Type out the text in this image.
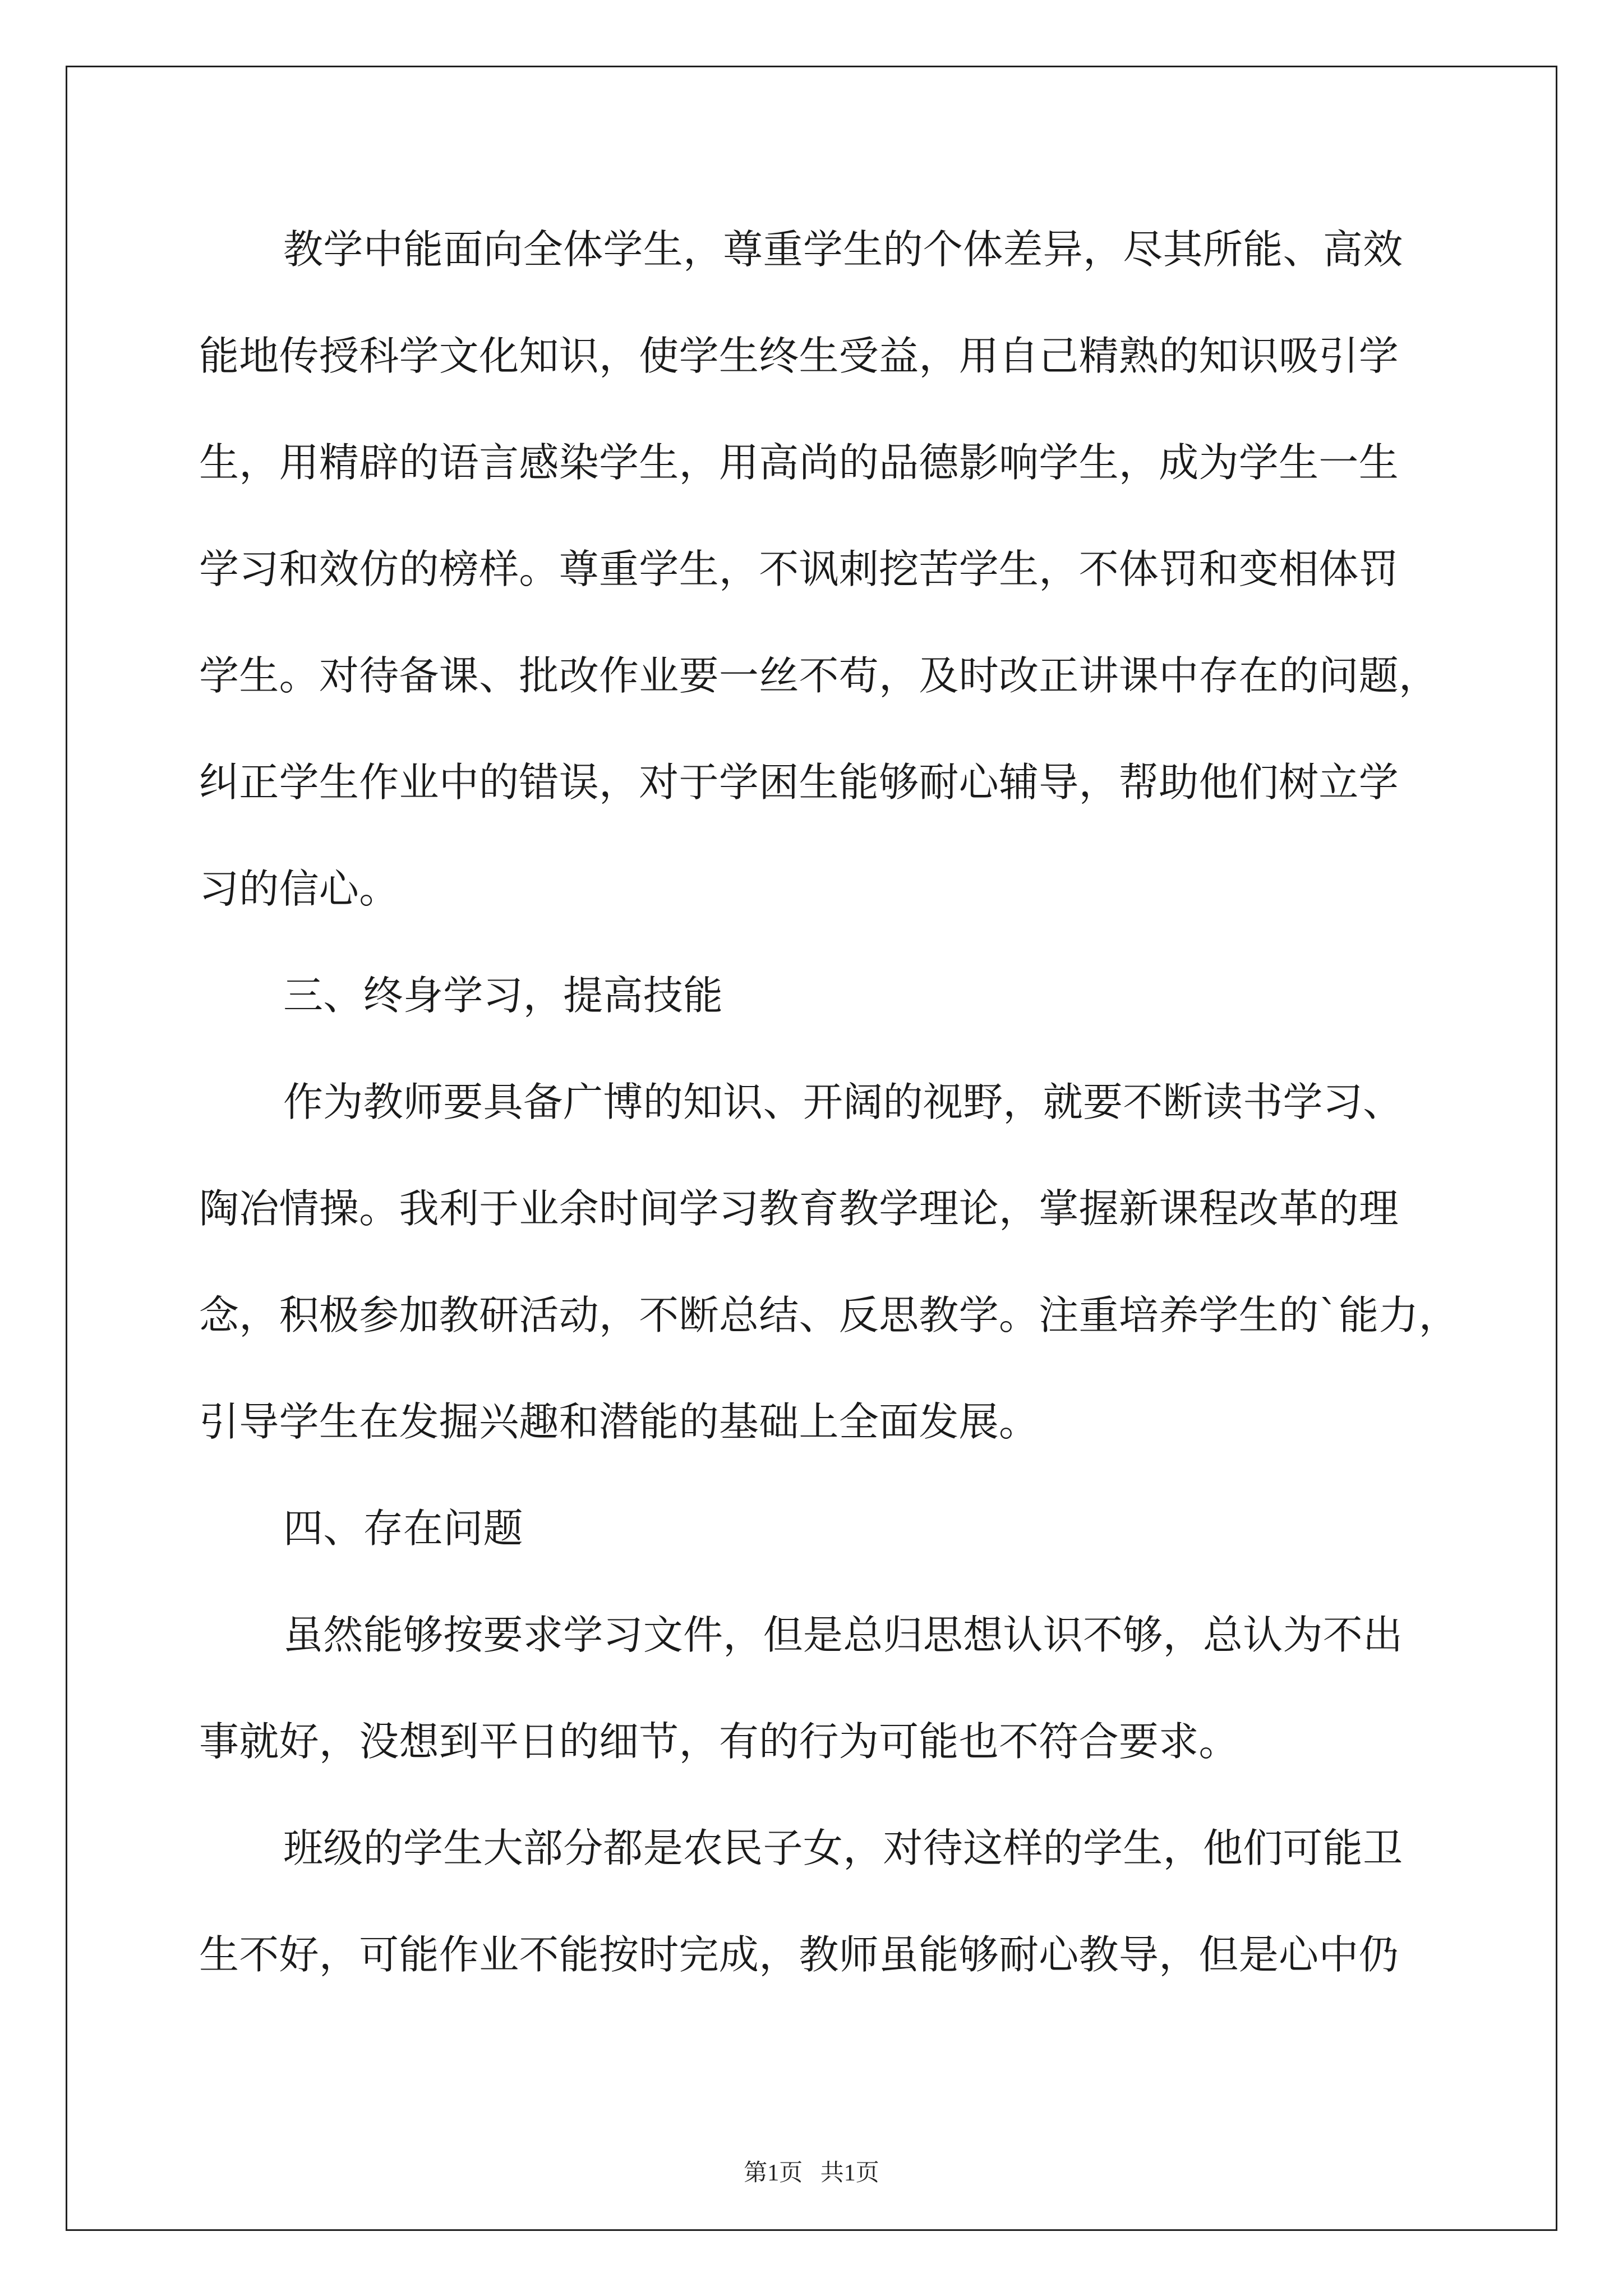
教学中能面向全体学生，尊重学生的个体差异，尽其所能、高效
能地传授科学文化知识，使学生终生受益，用自己精熟的知识吸引学
生，用精辟的语言感染学生，用高尚的品德影响学生，成为学生一生
学习和效仿的榜样。尊重学生，不讽刺挖苦学生，不体罚和变相体罚
学生。对待备课、批改作业要一丝不苟，及时改正讲课中存在的问题，
纠正学生作业中的错误，对于学困生能够耐心辅导，帮助他们树立学
习的信心。
三、终身学习，提高技能
作为教师要具备广博的知识、开阔的视野，就要不断读书学习、
陶冶情操。我利于业余时间学习教育教学理论，掌握新课程改革的理
念，积极参加教研活动，不断总结、反思教学。注重培养学生的`能力，
引导学生在发掘兴趣和潜能的基础上全面发展。
四、存在问题
虽然能够按要求学习文件，但是总归思想认识不够，总认为不出
事就好，没想到平日的细节，有的行为可能也不符合要求。
班级的学生大部分都是农民子女，对待这样的学生，他们可能卫
生不好，可能作业不能按时完成，教师虽能够耐心教导，但是心中仍
第1页   共1页
